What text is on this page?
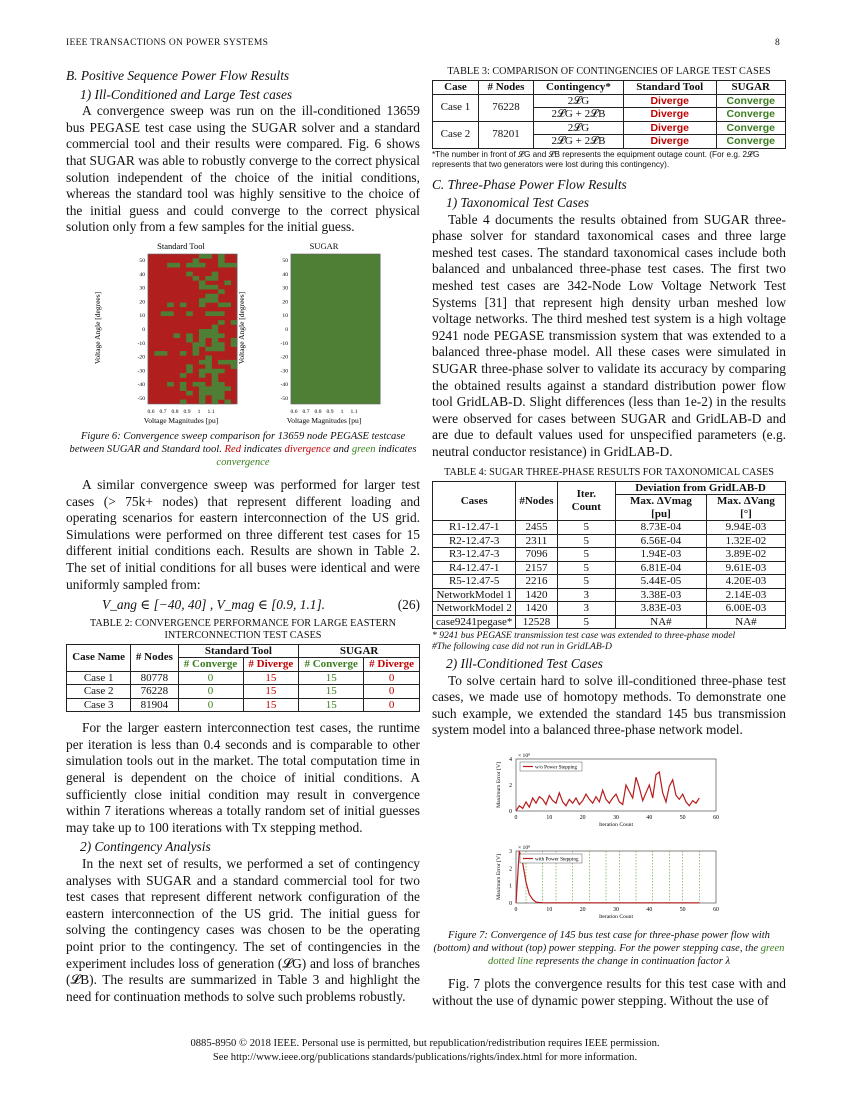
IEEE TRANSACTIONS ON POWER SYSTEMS	8
B. Positive Sequence Power Flow Results
1) Ill-Conditioned and Large Test cases

A convergence sweep was run on the ill-conditioned 13659 bus PEGASE test case using the SUGAR solver and a standard commercial tool and their results were compared. Fig. 6 shows that SUGAR was able to robustly converge to the correct physical solution independent of the choice of the initial conditions, whereas the standard tool was highly sensitive to the choice of the initial guess and could converge to the correct physical solution only from a few samples for the initial guess.

Standard Tool	SUGAR
Voltage Angle [degrees]	Voltage Angle [degrees]
Voltage Magnitudes [pu]	Voltage Magnitudes [pu]
50
40
30
20
10
0
-10
-20
-30
-40
-50
0.6 0.7 0.8 0.9 1 1.1
50
40
30
20
10
0
-10
-20
-30
-40
-50
0.6 0.7 0.8 0.9 1 1.1
Figure 6: Convergence sweep comparison for 13659 node PEGASE testcase between SUGAR and Standard tool. Red indicates divergence and green indicates convergence

A similar convergence sweep was performed for larger test cases (> 75k+ nodes) that represent different loading and operating scenarios for eastern interconnection of the US grid. Simulations were performed on three different test cases for 15 different initial conditions each. Results are shown in Table 2. The set of initial conditions for all buses were identical and were uniformly sampled from:

V_ang ∈ [−40, 40] , V_mag ∈ [0.9, 1.1].	(26)
TABLE 2: CONVERGENCE PERFORMANCE FOR LARGE EASTERN
INTERCONNECTION TEST CASES
Case Name	# Nodes	Standard Tool		SUGAR	
		# Converge	# Diverge	# Converge	# Diverge
Case 1	80778	0	15	15	0
Case 2	76228	0	15	15	0
Case 3	81904	0	15	15	0

For the larger eastern interconnection test cases, the runtime per iteration is less than 0.4 seconds and is comparable to other simulation tools out in the market. The total computation time in general is dependent on the choice of initial conditions. A sufficiently close initial condition may result in convergence within 7 iterations whereas a totally random set of initial guesses may take up to 100 iterations with Tx stepping method.

2) Contingency Analysis

In the next set of results, we performed a set of contingency analyses with SUGAR and a standard commercial tool for two test cases that represent different network configuration of the eastern interconnection of the US grid. The initial guess for solving the contingency cases was chosen to be the operating point prior to the contingency. The set of contingencies in the experiment includes loss of generation (𝓛G) and loss of branches (𝓛B). The results are summarized in Table 3 and highlight the need for continuation methods to solve such problems robustly.

TABLE 3: COMPARISON OF CONTINGENCIES OF LARGE TEST CASES
Case	# Nodes	Contingency*	Standard Tool	SUGAR
Case 1	76228	2𝓛G	Diverge	Converge
		2𝓛G + 2𝓛B	Diverge	Converge
Case 2	78201	2𝓛G	Diverge	Converge
		2𝓛G + 2𝓛B	Diverge	Converge
*The number in front of 𝓛G and 𝓛B represents the equipment outage count. (For e.g. 2𝓛G represents that two generators were lost during this contingency).
C. Three-Phase Power Flow Results
1) Taxonomical Test Cases

Table 4 documents the results obtained from SUGAR three-phase solver for standard taxonomical cases and three large meshed test cases. The standard taxonomical cases include both balanced and unbalanced three-phase test cases. The first two meshed test cases are 342-Node Low Voltage Network Test Systems [31] that represent high density urban meshed low voltage networks. The third meshed test system is a high voltage 9241 node PEGASE transmission system that was extended to a balanced three-phase model. All these cases were simulated in SUGAR three-phase solver to validate its accuracy by comparing the obtained results against a standard distribution power flow tool GridLAB-D. Slight differences (less than 1e-2) in the results were observed for cases between SUGAR and GridLAB-D and are due to default values used for unspecified parameters (e.g. neutral conductor resistance) in GridLAB-D.

TABLE 4: SUGAR THREE-PHASE RESULTS FOR TAXONOMICAL CASES
Cases	#Nodes	Iter. Count	Deviation from GridLAB-D	
			Max. ΔVmag [pu]	Max. ΔVang [°]
R1-12.47-1	2455	5	8.73E-04	9.94E-03
R2-12.47-3	2311	5	6.56E-04	1.32E-02
R3-12.47-3	7096	5	1.94E-03	3.89E-02
R4-12.47-1	2157	5	6.81E-04	9.61E-03
R5-12.47-5	2216	5	5.44E-05	4.20E-03
NetworkModel 1	1420	3	3.38E-03	2.14E-03
NetworkModel 2	1420	3	3.83E-03	6.00E-03
case9241pegase*	12528	5	NA#	NA#
* 9241 bus PEGASE transmission test case was extended to three-phase model
#The following case did not run in GridLAB-D
2) Ill-Conditioned Test Cases

To solve certain hard to solve ill-conditioned three-phase test cases, we made use of homotopy methods. To demonstrate one such example, we extended the standard 145 bus transmission system model into a balanced three-phase network model.

4
2
0
0	10	20	30	40	50	60
Iteration Count
× 10⁸
Maximum Error [V]	w/o Power Stepping
3
2
1
0
0	10	20	30	40	50	60
Iteration Count
× 10⁸
Maximum Error [V]	with Power Stepping
Figure 7: Convergence of 145 bus test case for three-phase power flow with (bottom) and without (top) power stepping. For the power stepping case, the green dotted line represents the change in continuation factor λ

Fig. 7 plots the convergence results for this test case with and without the use of dynamic power stepping. Without the use of

0885-8950 © 2018 IEEE. Personal use is permitted, but republication/redistribution requires IEEE permission.
See http://www.ieee.org/publications standards/publications/rights/index.html for more information.
